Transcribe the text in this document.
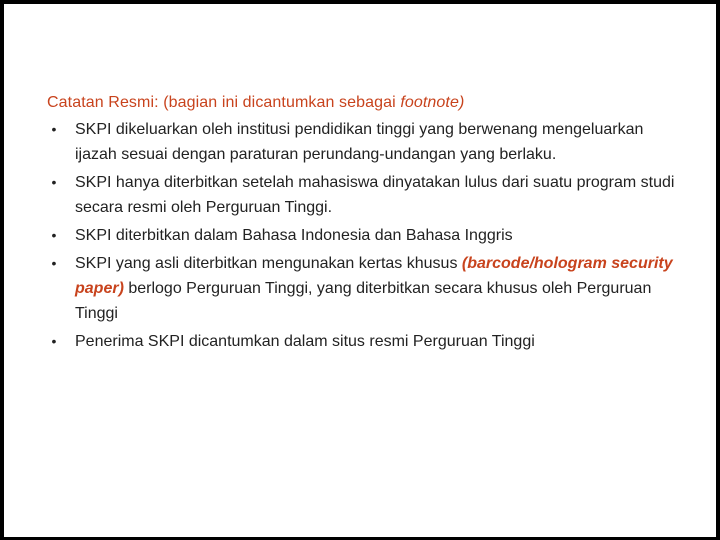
Catatan Resmi: (bagian ini dicantumkan sebagai footnote)

• SKPI dikeluarkan oleh institusi pendidikan tinggi yang berwenang mengeluarkan ijazah sesuai dengan paraturan perundang-undangan yang berlaku.
• SKPI hanya diterbitkan setelah mahasiswa dinyatakan lulus dari suatu program studi secara resmi oleh Perguruan Tinggi.
• SKPI diterbitkan dalam Bahasa Indonesia dan Bahasa Inggris
• SKPI yang asli diterbitkan mengunakan kertas khusus (barcode/hologram security paper) berlogo Perguruan Tinggi, yang diterbitkan secara khusus oleh Perguruan Tinggi
• Penerima SKPI dicantumkan dalam situs resmi Perguruan Tinggi
